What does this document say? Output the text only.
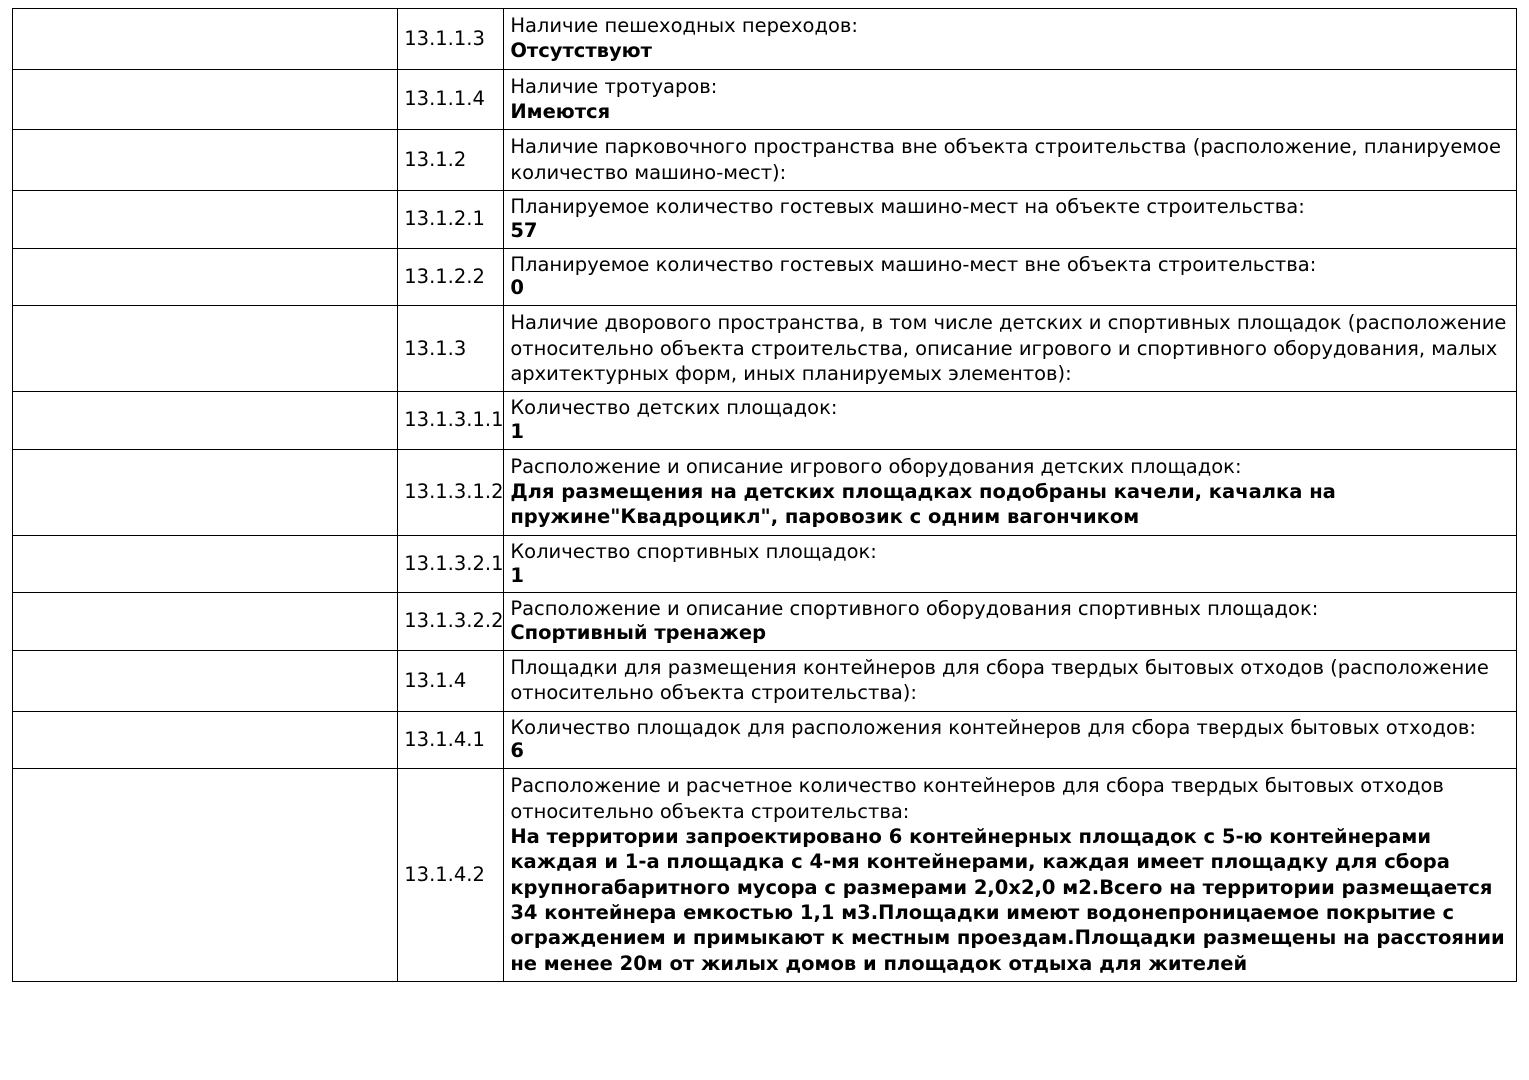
	13.1.1.3	Наличие пешеходных переходов:
Отсутствуют

	13.1.1.4	Наличие тротуаров:
Имеются

	13.1.2	Наличие парковочного пространства вне объекта строительства (расположение, планируемое количество машино-мест):

	13.1.2.1	Планируемое количество гостевых машино-мест на объекте строительства:
57

	13.1.2.2	Планируемое количество гостевых машино-мест вне объекта строительства:
0

	13.1.3	Наличие дворового пространства, в том числе детских и спортивных площадок (расположение относительно объекта строительства, описание игрового и спортивного оборудования, малых архитектурных форм, иных планируемых элементов):

	13.1.3.1.1	Количество детских площадок:
1

	13.1.3.1.2	Расположение и описание игрового оборудования детских площадок:
Для размещения на детских площадках подобраны качели, качалка на пружине"Квадроцикл", паровозик с одним вагончиком

	13.1.3.2.1	Количество спортивных площадок:
1

	13.1.3.2.2	Расположение и описание спортивного оборудования спортивных площадок:
Спортивный тренажер

	13.1.4	Площадки для размещения контейнеров для сбора твердых бытовых отходов (расположение относительно объекта строительства):

	13.1.4.1	Количество площадок для расположения контейнеров для сбора твердых бытовых отходов:
6

	13.1.4.2	Расположение и расчетное количество контейнеров для сбора твердых бытовых отходов относительно объекта строительства:
На территории запроектировано 6 контейнерных площадок с 5-ю контейнерами каждая и 1-а площадка с 4-мя контейнерами, каждая имеет площадку для сбора крупногабаритного мусора с размерами 2,0х2,0 м2.Всего на территории размещается 34 контейнера емкостью 1,1 м3.Площадки имеют водонепроницаемое покрытие с ограждением и примыкают к местным проездам.Площадки размещены на расстоянии не менее 20м от жилых домов и площадок отдыха для жителей
